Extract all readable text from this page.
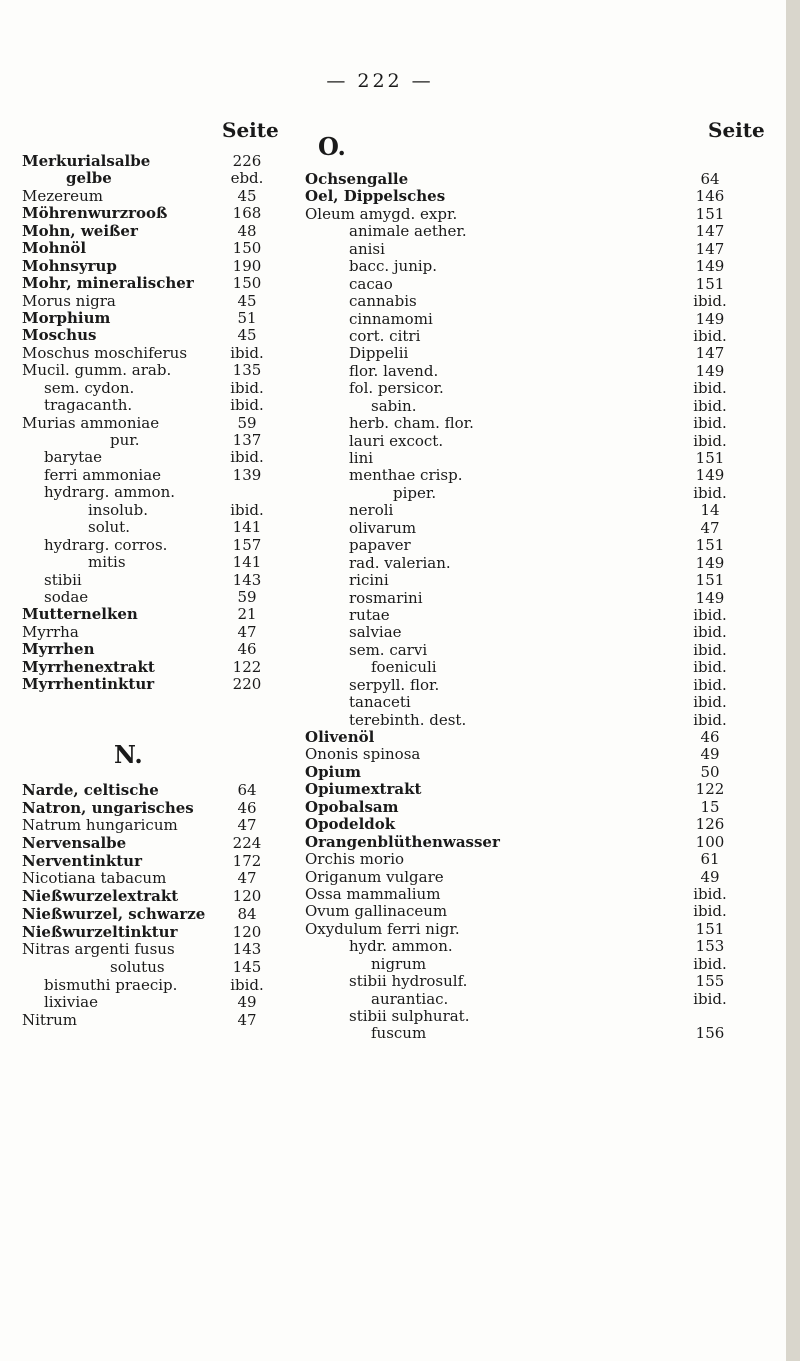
— 222 —
Seite	Seite
O.
N.
Merkurialsalbe	226
gelbe	ebd.
Mezereum	45
Möhrenwurzrooß	168
Mohn, weißer	48
Mohnöl	150
Mohnsyrup	190
Mohr, mineralischer	150
Morus nigra	45
Morphium	51
Moschus	45
Moschus moschiferus	ibid.
Mucil. gumm. arab.	135
sem. cydon.	ibid.
tragacanth.	ibid.
Murias ammoniae	59
pur.	137
barytae	ibid.
ferri ammoniae	139
hydrarg. ammon.
insolub.	ibid.
solut.	141
hydrarg. corros.	157
mitis	141
stibii	143
sodae	59
Mutternelken	21
Myrrha	47
Myrrhen	46
Myrrhenextrakt	122
Myrrhentinktur	220
Narde, celtische	64
Natron, ungarisches	46
Natrum hungaricum	47
Nervensalbe	224
Nerventinktur	172
Nicotiana tabacum	47
Nießwurzelextrakt	120
Nießwurzel, schwarze	84
Nießwurzeltinktur	120
Nitras argenti fusus	143
solutus	145
bismuthi praecip.	ibid.
lixiviae	49
Nitrum	47
Ochsengalle	64
Oel, Dippelsches	146
Oleum amygd. expr.	151
animale aether.	147
anisi	147
bacc. junip.	149
cacao	151
cannabis	ibid.
cinnamomi	149
cort. citri	ibid.
Dippelii	147
flor. lavend.	149
fol. persicor.	ibid.
sabin.	ibid.
herb. cham. flor.	ibid.
lauri excoct.	ibid.
lini	151
menthae crisp.	149
piper.	ibid.
neroli	14
olivarum	47
papaver	151
rad. valerian.	149
ricini	151
rosmarini	149
rutae	ibid.
salviae	ibid.
sem. carvi	ibid.
foeniculi	ibid.
serpyll. flor.	ibid.
tanaceti	ibid.
terebinth. dest.	ibid.
Olivenöl	46
Ononis spinosa	49
Opium	50
Opiumextrakt	122
Opobalsam	15
Opodeldok	126
Orangenblüthenwasser	100
Orchis morio	61
Origanum vulgare	49
Ossa mammalium	ibid.
Ovum gallinaceum	ibid.
Oxydulum ferri nigr.	151
hydr. ammon.	153
nigrum	ibid.
stibii hydrosulf.	155
aurantiac.	ibid.
stibii sulphurat.
fuscum	156
